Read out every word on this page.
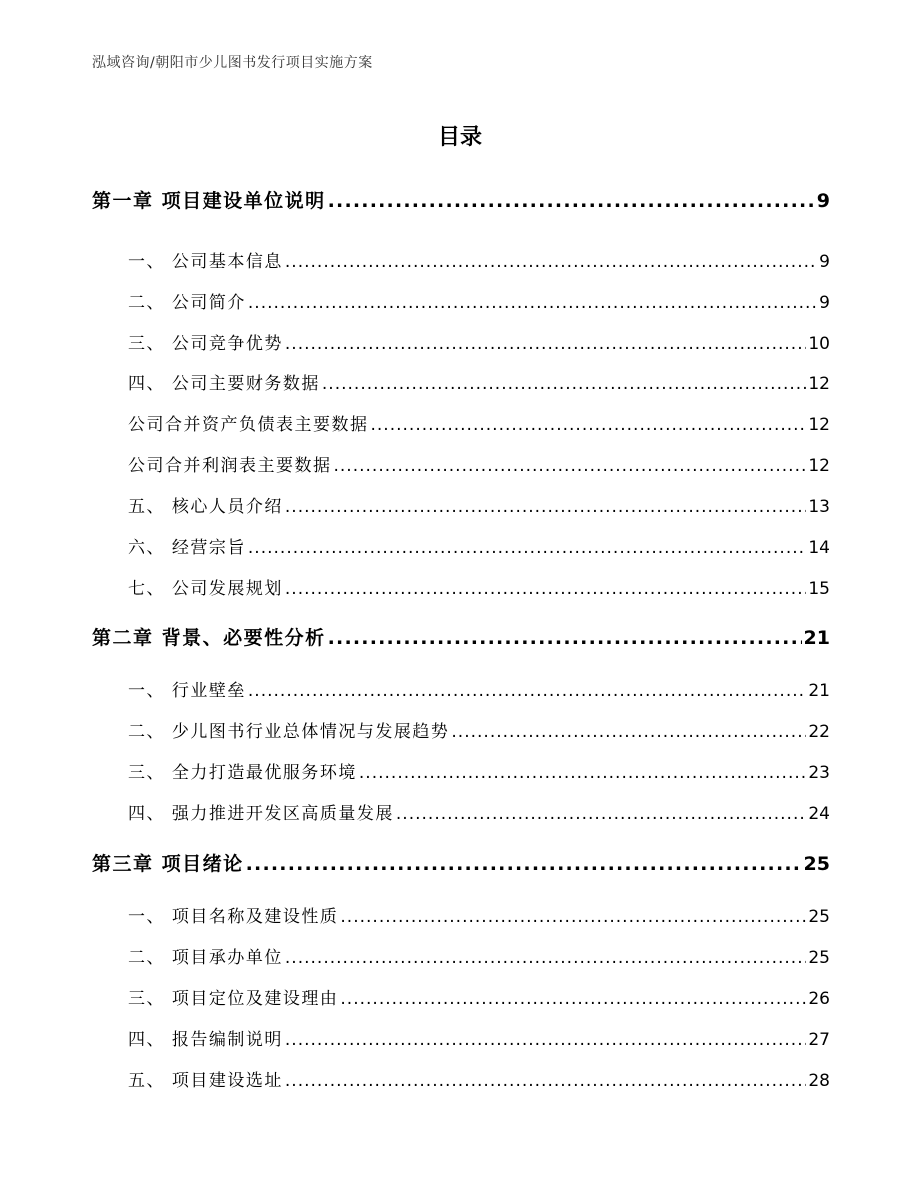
泓域咨询/朝阳市少儿图书发行项目实施方案
目录
第一章 项目建设单位说明 .....	9
一、 公司基本信息 .....	9
二、 公司简介 .....	9
三、 公司竞争优势 .....	10
四、 公司主要财务数据 .....	12
公司合并资产负债表主要数据 .....	12
公司合并利润表主要数据 .....	12
五、 核心人员介绍 .....	13
六、 经营宗旨 .....	14
七、 公司发展规划 .....	15
第二章 背景、必要性分析 .....	21
一、 行业壁垒 .....	21
二、 少儿图书行业总体情况与发展趋势 .....	22
三、 全力打造最优服务环境 .....	23
四、 强力推进开发区高质量发展 .....	24
第三章 项目绪论 .....	25
一、 项目名称及建设性质 .....	25
二、 项目承办单位 .....	25
三、 项目定位及建设理由 .....	26
四、 报告编制说明 .....	27
五、 项目建设选址 .....	28
